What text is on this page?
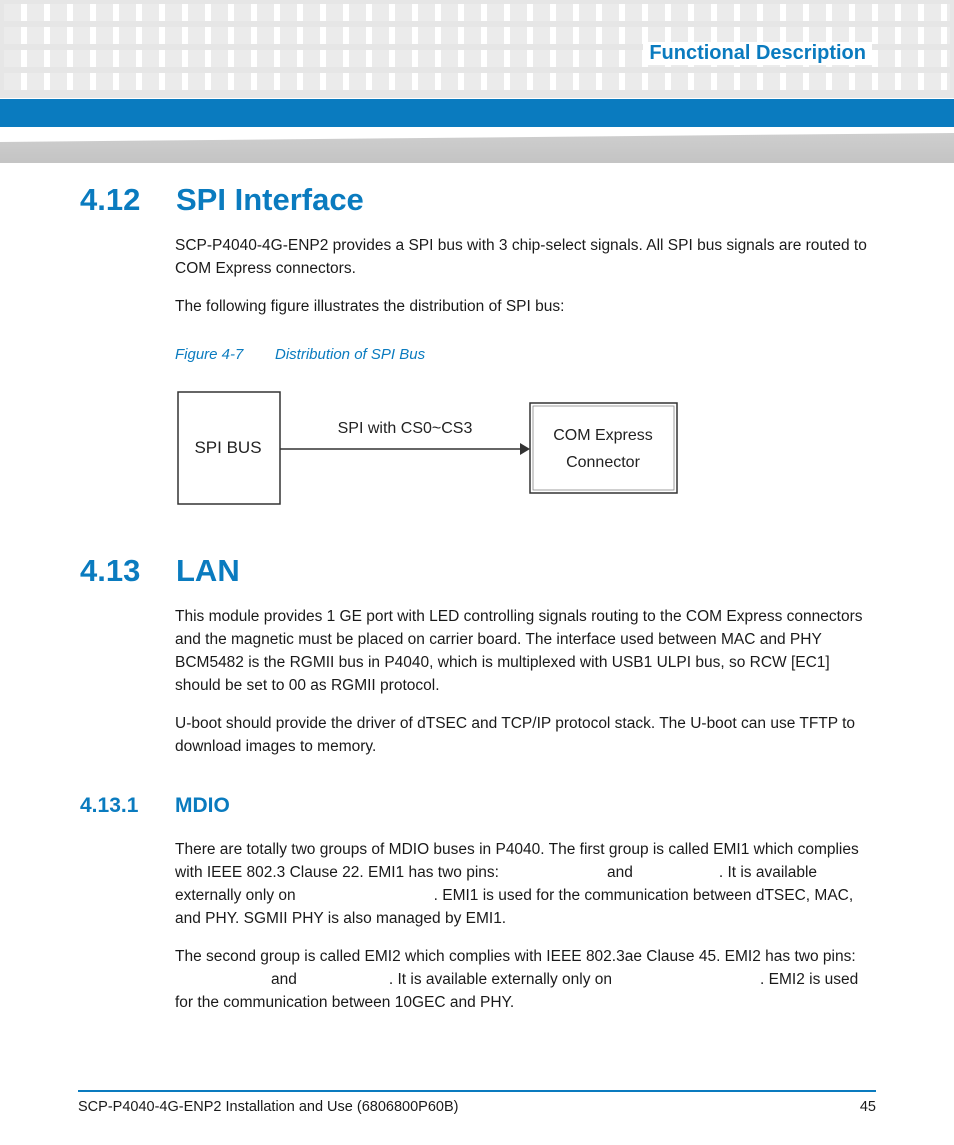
Functional Description
4.12 SPI Interface

SCP-P4040-4G-ENP2 provides a SPI bus with 3 chip-select signals. All SPI bus signals are routed to COM Express connectors.

The following figure illustrates the distribution of SPI bus:

Figure 4-7 Distribution of SPI Bus
SPI BUS
SPI with CS0~CS3	COM Express
Connector
4.13 LAN

This module provides 1 GE port with LED controlling signals routing to the COM Express connectors and the magnetic must be placed on carrier board. The interface used between MAC and PHY BCM5482 is the RGMII bus in P4040, which is multiplexed with USB1 ULPI bus, so RCW [EC1] should be set to 00 as RGMII protocol.

U-boot should provide the driver of dTSEC and TCP/IP protocol stack. The U-boot can use TFTP to download images to memory.

4.13.1 MDIO

There are totally two groups of MDIO buses in P4040. The first group is called EMI1 which complies with IEEE 802.3 Clause 22. EMI1 has two pins:	and	. It is available externally only on	. EMI1 is used for the communication between dTSEC, MAC, and PHY. SGMII PHY is also managed by EMI1.

The second group is called EMI2 which complies with IEEE 802.3ae Clause 45. EMI2 has two pins:and	. It is available externally only on	. EMI2 is used for the communication between 10GEC and PHY.

SCP-P4040-4G-ENP2 Installation and Use (6806800P60B)	45
